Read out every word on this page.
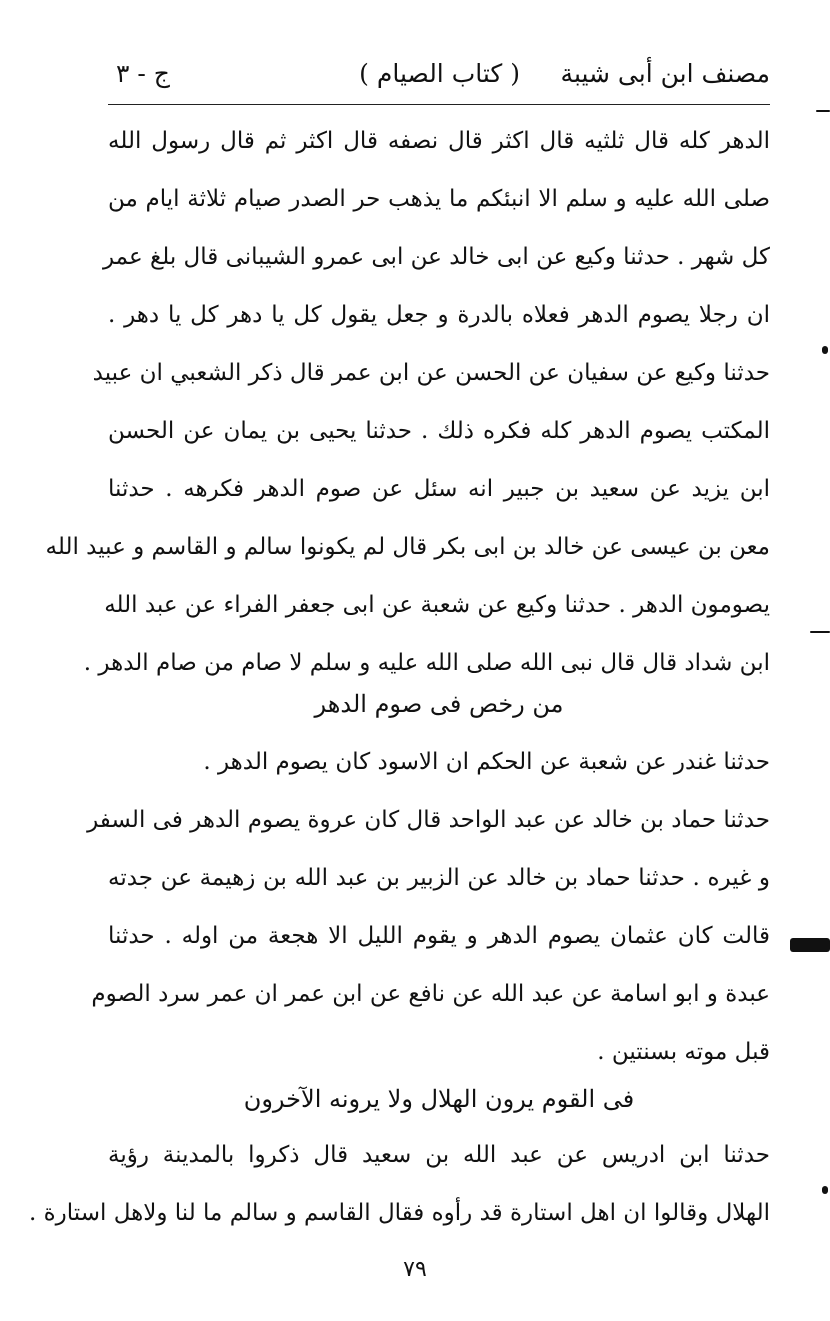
مصنف ابن أبى شيبة
( كتاب الصيام )
ج - ٣
الدهر كله قال ثلثيه قال اكثر قال نصفه قال اكثر ثم قال رسول الله
صلى الله عليه و سلم الا انبئكم ما يذهب حر الصدر صيام ثلاثة ايام من
كل شهر . حدثنا وكيع عن ابى خالد عن ابى عمرو الشيبانى قال بلغ عمر
ان رجلا يصوم الدهر فعلاه بالدرة و جعل يقول كل يا دهر كل يا دهر .
حدثنا وكيع عن سفيان عن الحسن عن ابن عمر قال ذكر الشعبي ان عبيد
المكتب يصوم الدهر كله فكره ذلك . حدثنا يحيى بن يمان عن الحسن
ابن يزيد عن سعيد بن جبير انه سئل عن صوم الدهر فكرهه . حدثنا
معن بن عيسى عن خالد بن ابى بكر قال لم يكونوا سالم و القاسم و عبيد الله
يصومون الدهر . حدثنا وكيع عن شعبة عن ابى جعفر الفراء عن عبد الله
ابن شداد قال قال نبى الله صلى الله عليه و سلم لا صام من صام الدهر .
من رخص فى صوم الدهر
حدثنا غندر عن شعبة عن الحكم ان الاسود كان يصوم الدهر .
حدثنا حماد بن خالد عن عبد الواحد قال كان عروة يصوم الدهر فى السفر
و غيره . حدثنا حماد بن خالد عن الزبير بن عبد الله بن زهيمة عن جدته
قالت كان عثمان يصوم الدهر و يقوم الليل الا هجعة من اوله . حدثنا
عبدة و ابو اسامة عن عبد الله عن نافع عن ابن عمر ان عمر سرد الصوم
قبل موته بسنتين .
فى القوم يرون الهلال ولا يرونه الآخرون
حدثنا ابن ادريس عن عبد الله بن سعيد قال ذكروا بالمدينة رؤية
الهلال وقالوا ان اهل استارة قد رأوه فقال القاسم و سالم ما لنا ولاهل استارة .
٧٩
